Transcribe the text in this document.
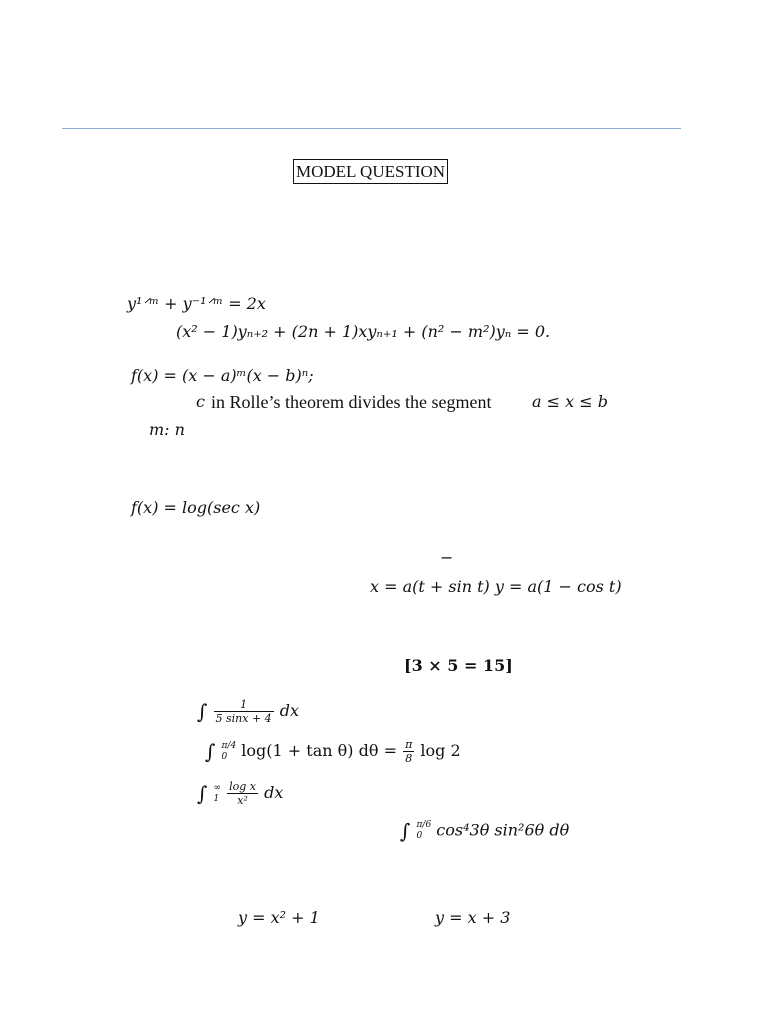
MODEL QUESTION
y¹ᐟᵐ + y⁻¹ᐟᵐ = 2x
(x² − 1)yₙ₊₂ + (2n + 1)xyₙ₊₁ + (n² − m²)yₙ = 0.
f(x) = (x − a)ᵐ(x − b)ⁿ;
c in Rolle’s theorem divides the segment	a ≤ x ≤ b
m: n
f(x) = log(sec x)
−
x = a(t + sin t) y = a(1 − cos t)
[3 × 5 = 15]
∫ $\frac{1}{5 \sin x + 4}$ dx
∫ π/4
0 log(1 + tan θ) $d\theta = \frac{\pi}{8}$ log 2
∫ ∞
1
$\frac{\text{log x}}{\text{x²}}$ dx
∫ π/6
0 cos⁴3θ sin²6θ dθ
y = x² + 1	y = x + 3
